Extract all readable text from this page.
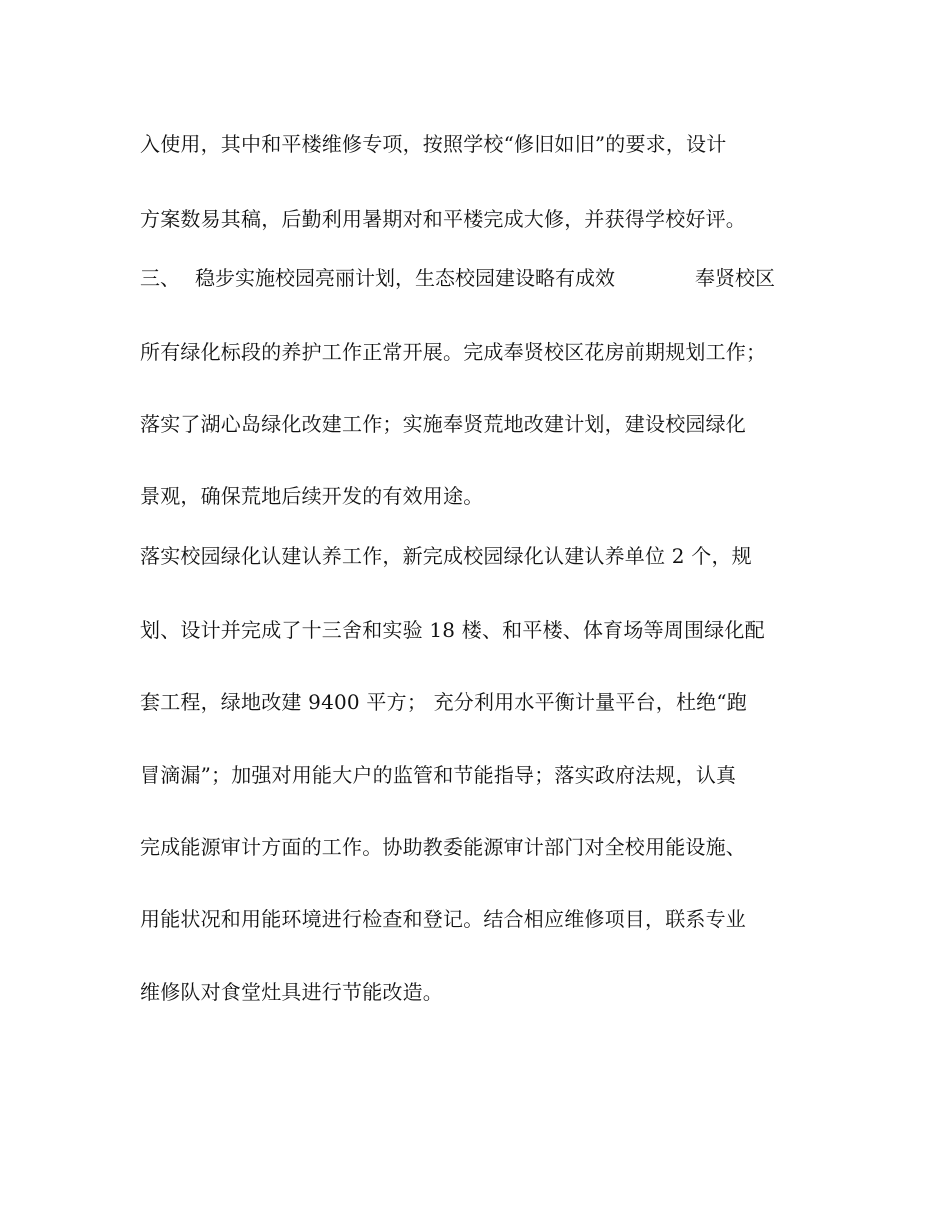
入使用，其中和平楼维修专项，按照学校“修旧如旧”的要求，设计
方案数易其稿，后勤利用暑期对和平楼完成大修，并获得学校好评。
三、 稳步实施校园亮丽计划，生态校园建设略有成效	奉贤校区
所有绿化标段的养护工作正常开展。完成奉贤校区花房前期规划工作；
落实了湖心岛绿化改建工作；实施奉贤荒地改建计划，建设校园绿化
景观，确保荒地后续开发的有效用途。
落实校园绿化认建认养工作，新完成校园绿化认建认养单位 2 个，规
划、设计并完成了十三舍和实验 18 楼、和平楼、体育场等周围绿化配
套工程，绿地改建 9400 平方； 充分利用水平衡计量平台，杜绝“跑
冒滴漏”；加强对用能大户的监管和节能指导；落实政府法规，认真
完成能源审计方面的工作。协助教委能源审计部门对全校用能设施、
用能状况和用能环境进行检查和登记。结合相应维修项目，联系专业
维修队对食堂灶具进行节能改造。
